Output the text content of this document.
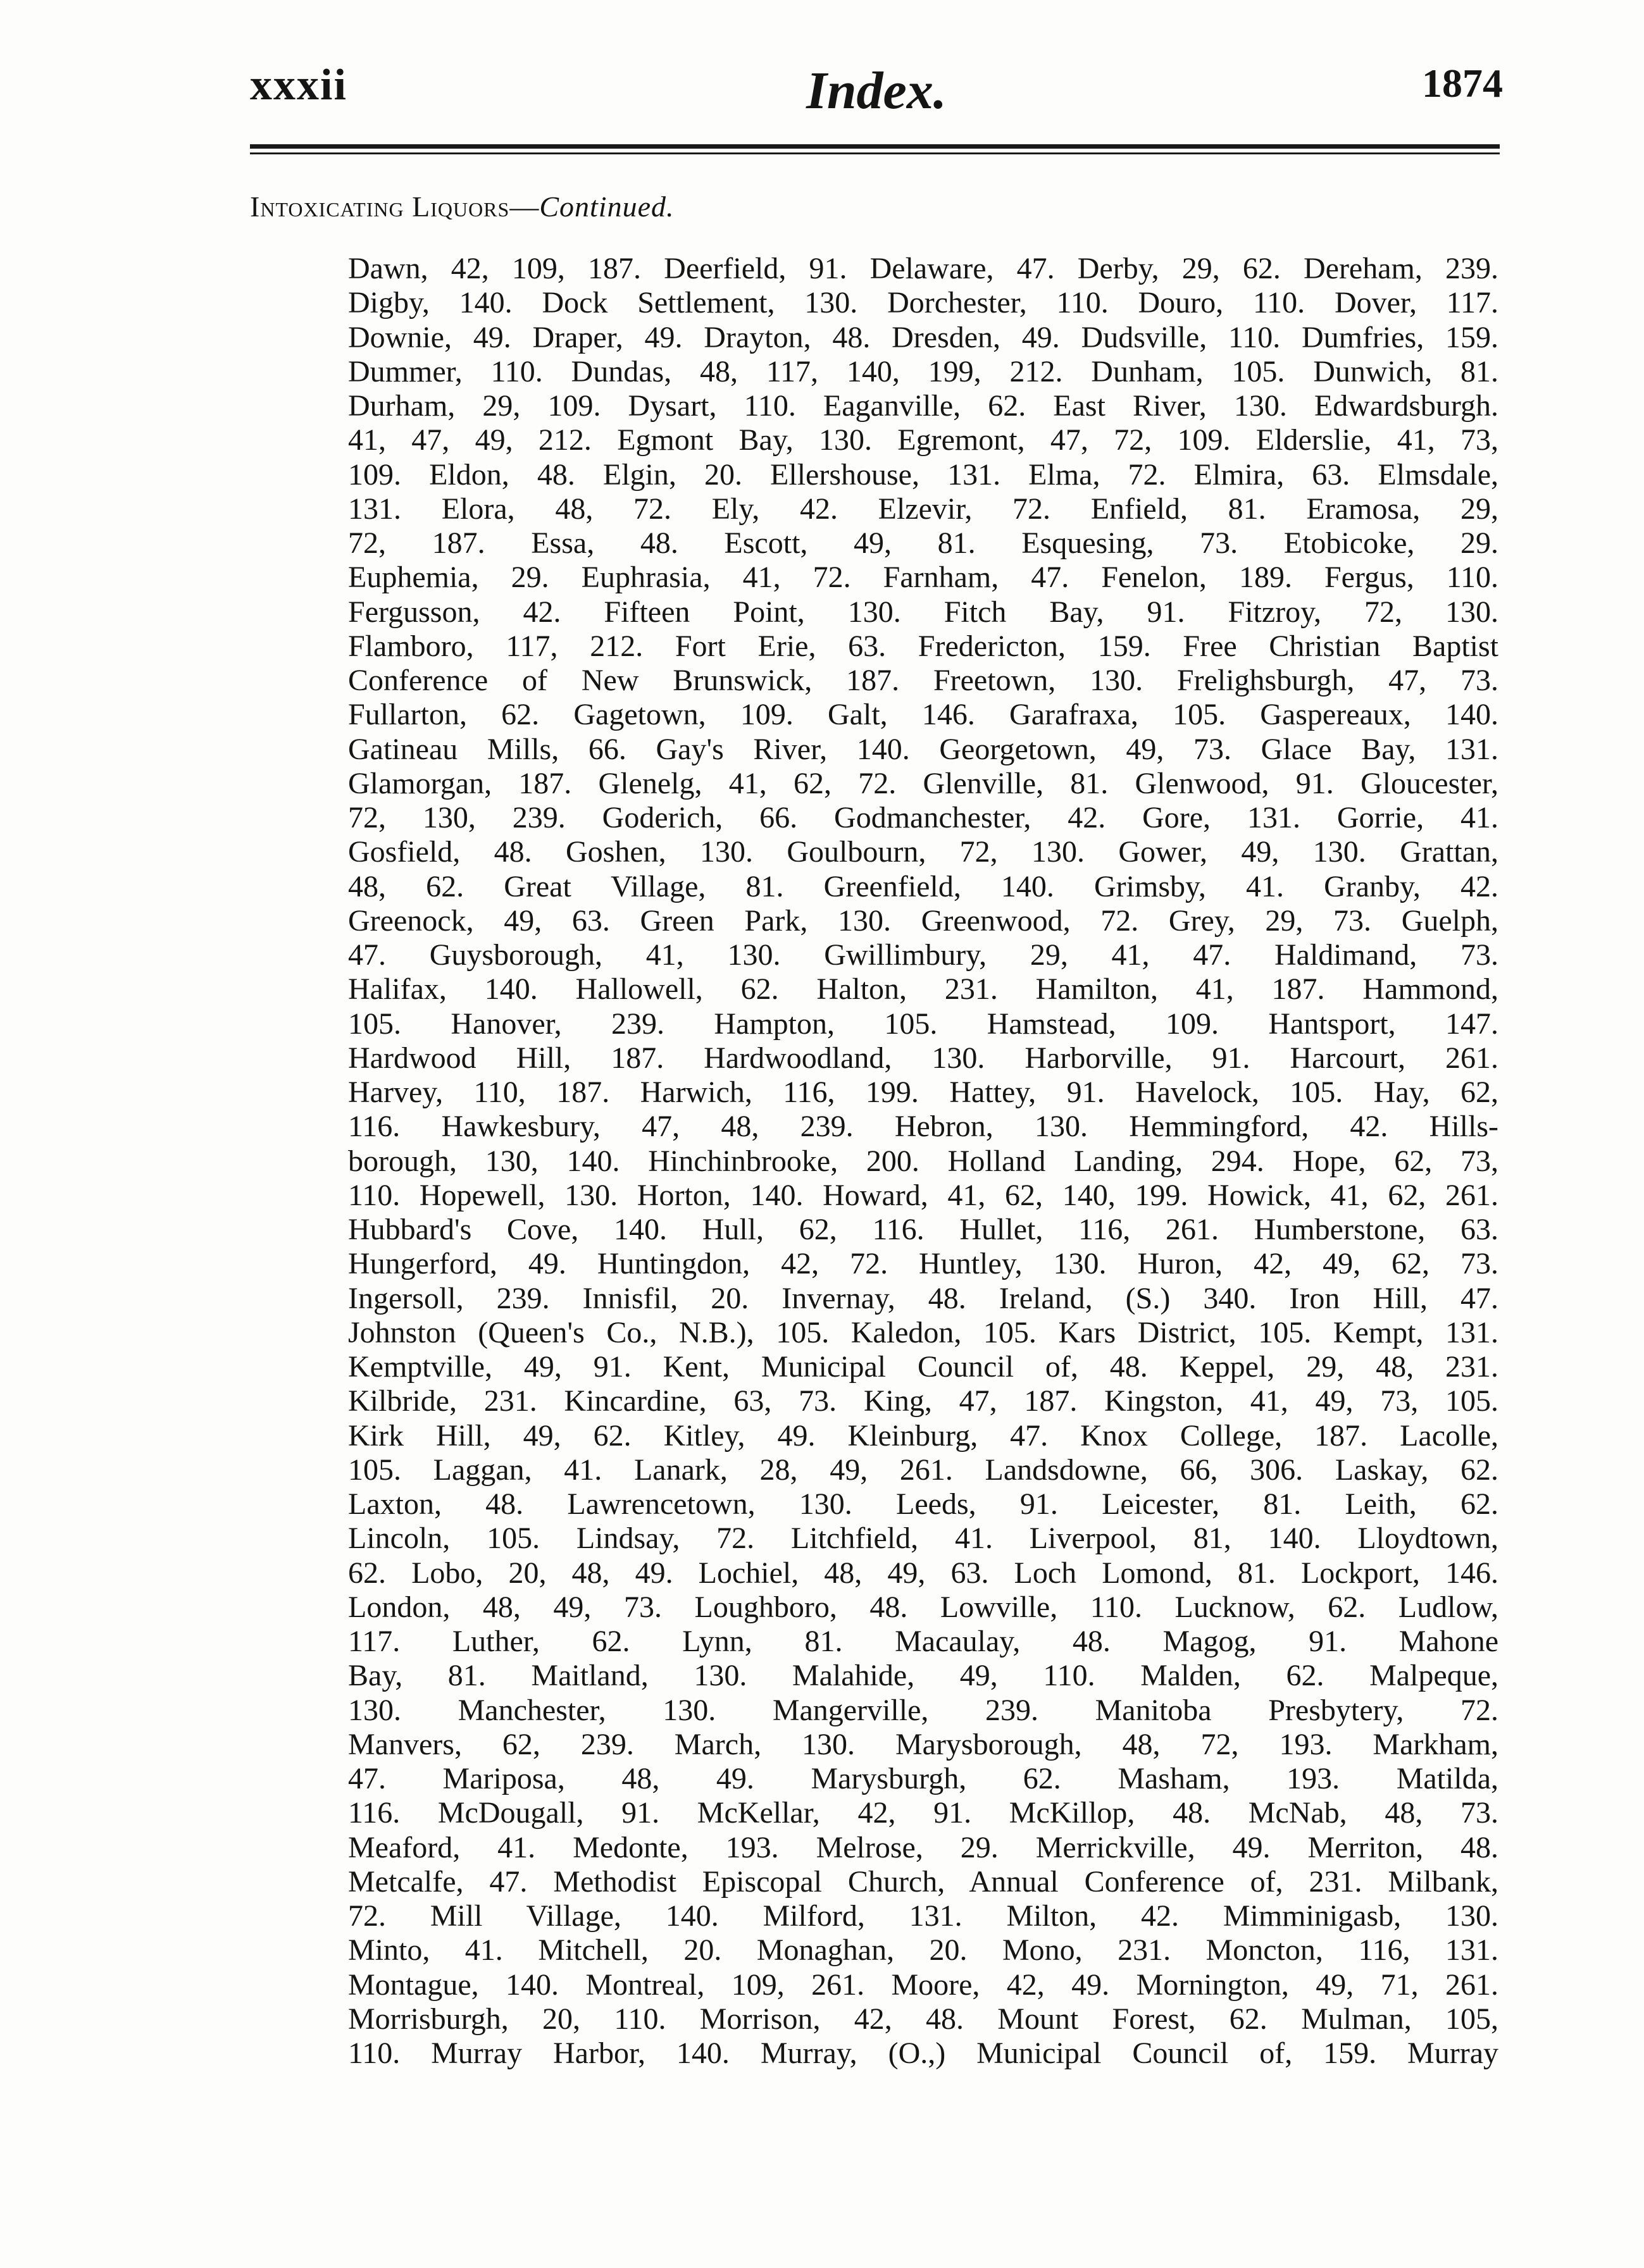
xxxii	Index.	1874
Intoxicating Liquors—Continued.
Dawn, 42, 109, 187. Deerfield, 91. Delaware, 47. Derby, 29, 62. Dereham, 239.
Digby, 140. Dock Settlement, 130. Dorchester, 110. Douro, 110. Dover, 117.
Downie, 49. Draper, 49. Drayton, 48. Dresden, 49. Dudsville, 110. Dumfries, 159.
Dummer, 110. Dundas, 48, 117, 140, 199, 212. Dunham, 105. Dunwich, 81.
Durham, 29, 109. Dysart, 110. Eaganville, 62. East River, 130. Edwardsburgh.
41, 47, 49, 212. Egmont Bay, 130. Egremont, 47, 72, 109. Elderslie, 41, 73,
109. Eldon, 48. Elgin, 20. Ellershouse, 131. Elma, 72. Elmira, 63. Elmsdale,
131. Elora, 48, 72. Ely, 42. Elzevir, 72. Enfield, 81. Eramosa, 29,
72, 187. Essa, 48. Escott, 49, 81. Esquesing, 73. Etobicoke, 29.
Euphemia, 29. Euphrasia, 41, 72. Farnham, 47. Fenelon, 189. Fergus, 110.
Fergusson, 42. Fifteen Point, 130. Fitch Bay, 91. Fitzroy, 72, 130.
Flamboro, 117, 212. Fort Erie, 63. Fredericton, 159. Free Christian Baptist
Conference of New Brunswick, 187. Freetown, 130. Frelighsburgh, 47, 73.
Fullarton, 62. Gagetown, 109. Galt, 146. Garafraxa, 105. Gaspereaux, 140.
Gatineau Mills, 66. Gay's River, 140. Georgetown, 49, 73. Glace Bay, 131.
Glamorgan, 187. Glenelg, 41, 62, 72. Glenville, 81. Glenwood, 91. Gloucester,
72, 130, 239. Goderich, 66. Godmanchester, 42. Gore, 131. Gorrie, 41.
Gosfield, 48. Goshen, 130. Goulbourn, 72, 130. Gower, 49, 130. Grattan,
48, 62. Great Village, 81. Greenfield, 140. Grimsby, 41. Granby, 42.
Greenock, 49, 63. Green Park, 130. Greenwood, 72. Grey, 29, 73. Guelph,
47. Guysborough, 41, 130. Gwillimbury, 29, 41, 47. Haldimand, 73.
Halifax, 140. Hallowell, 62. Halton, 231. Hamilton, 41, 187. Hammond,
105. Hanover, 239. Hampton, 105. Hamstead, 109. Hantsport, 147.
Hardwood Hill, 187. Hardwoodland, 130. Harborville, 91. Harcourt, 261.
Harvey, 110, 187. Harwich, 116, 199. Hattey, 91. Havelock, 105. Hay, 62,
116. Hawkesbury, 47, 48, 239. Hebron, 130. Hemmingford, 42. Hills-
borough, 130, 140. Hinchinbrooke, 200. Holland Landing, 294. Hope, 62, 73,
110. Hopewell, 130. Horton, 140. Howard, 41, 62, 140, 199. Howick, 41, 62, 261.
Hubbard's Cove, 140. Hull, 62, 116. Hullet, 116, 261. Humberstone, 63.
Hungerford, 49. Huntingdon, 42, 72. Huntley, 130. Huron, 42, 49, 62, 73.
Ingersoll, 239. Innisfil, 20. Invernay, 48. Ireland, (S.) 340. Iron Hill, 47.
Johnston (Queen's Co., N.B.), 105. Kaledon, 105. Kars District, 105. Kempt, 131.
Kemptville, 49, 91. Kent, Municipal Council of, 48. Keppel, 29, 48, 231.
Kilbride, 231. Kincardine, 63, 73. King, 47, 187. Kingston, 41, 49, 73, 105.
Kirk Hill, 49, 62. Kitley, 49. Kleinburg, 47. Knox College, 187. Lacolle,
105. Laggan, 41. Lanark, 28, 49, 261. Landsdowne, 66, 306. Laskay, 62.
Laxton, 48. Lawrencetown, 130. Leeds, 91. Leicester, 81. Leith, 62.
Lincoln, 105. Lindsay, 72. Litchfield, 41. Liverpool, 81, 140. Lloydtown,
62. Lobo, 20, 48, 49. Lochiel, 48, 49, 63. Loch Lomond, 81. Lockport, 146.
London, 48, 49, 73. Loughboro, 48. Lowville, 110. Lucknow, 62. Ludlow,
117. Luther, 62. Lynn, 81. Macaulay, 48. Magog, 91. Mahone
Bay, 81. Maitland, 130. Malahide, 49, 110. Malden, 62. Malpeque,
130. Manchester, 130. Mangerville, 239. Manitoba Presbytery, 72.
Manvers, 62, 239. March, 130. Marysborough, 48, 72, 193. Markham,
47. Mariposa, 48, 49. Marysburgh, 62. Masham, 193. Matilda,
116. McDougall, 91. McKellar, 42, 91. McKillop, 48. McNab, 48, 73.
Meaford, 41. Medonte, 193. Melrose, 29. Merrickville, 49. Merriton, 48.
Metcalfe, 47. Methodist Episcopal Church, Annual Conference of, 231. Milbank,
72. Mill Village, 140. Milford, 131. Milton, 42. Mimminigasb, 130.
Minto, 41. Mitchell, 20. Monaghan, 20. Mono, 231. Moncton, 116, 131.
Montague, 140. Montreal, 109, 261. Moore, 42, 49. Mornington, 49, 71, 261.
Morrisburgh, 20, 110. Morrison, 42, 48. Mount Forest, 62. Mulman, 105,
110. Murray Harbor, 140. Murray, (O.,) Municipal Council of, 159. Murray
